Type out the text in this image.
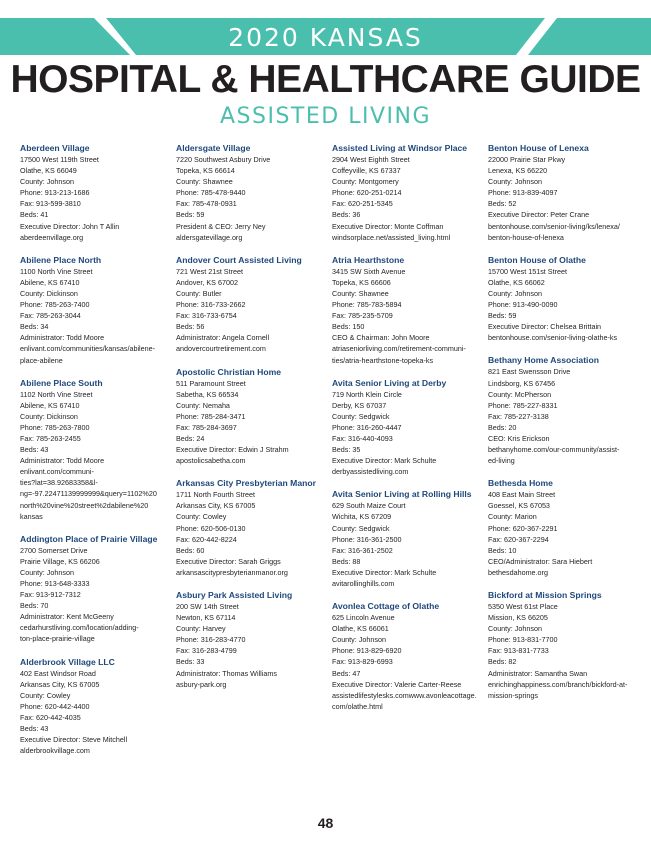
2020 KANSAS
HOSPITAL & HEALTHCARE GUIDE
ASSISTED LIVING
Aberdeen Village
17500 West 119th Street
Olathe, KS 66049
County: Johnson
Phone: 913-213-1686
Fax: 913-599-3810
Beds: 41
Executive Director: John T Allin
aberdeenvillage.org
Abilene Place North
1100 North Vine Street
Abilene, KS 67410
County: Dickinson
Phone: 785-263-7400
Fax: 785-263-3044
Beds: 34
Administrator: Todd Moore
enlivant.com/communities/kansas/abilene-
place-abilene
Abilene Place South
1102 North Vine Street
Abilene, KS 67410
County: Dickinson
Phone: 785-263-7800
Fax: 785-263-2455
Beds: 43
Administrator: Todd Moore
enlivant.com/communi-
ties?lat=38.92683358&l-
ng=-97.22471139999999&query=1102%20
north%20vine%20street%2dabilene%20
kansas
Addington Place of Prairie Village
2700 Somerset Drive
Prairie Village, KS 66206
County: Johnson
Phone: 913-648-3333
Fax: 913-912-7312
Beds: 70
Administrator: Kent McGeeny
cedarhurstliving.com/location/adding-
ton-place-prairie-village
Alderbrook Village LLC
402 East Windsor Road
Arkansas City, KS 67005
County: Cowley
Phone: 620-442-4400
Fax: 620-442-4035
Beds: 43
Executive Director: Steve Mitchell
alderbrookvillage.com
Aldersgate Village
7220 Southwest Asbury Drive
Topeka, KS 66614
County: Shawnee
Phone: 785-478-9440
Fax: 785-478-0931
Beds: 59
President & CEO: Jerry Ney
aldersgatevillage.org
Andover Court Assisted Living
721 West 21st Street
Andover, KS 67002
County: Butler
Phone: 316-733-2662
Fax: 316-733-6754
Beds: 56
Administrator: Angela Cornell
andovercourtretirement.com
Apostolic Christian Home
511 Paramount Street
Sabetha, KS 66534
County: Nemaha
Phone: 785-284-3471
Fax: 785-284-3697
Beds: 24
Executive Director: Edwin J Strahm
apostolicsabetha.com
Arkansas City Presbyterian Manor
1711 North Fourth Street
Arkansas City, KS 67005
County: Cowley
Phone: 620-506-0130
Fax: 620-442-8224
Beds: 60
Executive Director: Sarah Griggs
arkansascitypresbyterianmanor.org
Asbury Park Assisted Living
200 SW 14th Street
Newton, KS 67114
County: Harvey
Phone: 316-283-4770
Fax: 316-283-4799
Beds: 33
Administrator: Thomas Williams
asbury-park.org
Assisted Living at Windsor Place
2904 West Eighth Street
Coffeyville, KS 67337
County: Montgomery
Phone: 620-251-0214
Fax: 620-251-5345
Beds: 36
Executive Director: Monte Coffman
windsorplace.net/assisted_living.html
Atria Hearthstone
3415 SW Sixth Avenue
Topeka, KS 66606
County: Shawnee
Phone: 785-783-5894
Fax: 785-235-5709
Beds: 150
CEO & Chairman: John Moore
atriaseniorliving.com/retirement-communi-
ties/atria-hearthstone-topeka-ks
Avita Senior Living at Derby
719 North Klein Circle
Derby, KS 67037
County: Sedgwick
Phone: 316-260-4447
Fax: 316-440-4093
Beds: 35
Executive Director: Mark Schulte
derbyassistedliving.com
Avita Senior Living at Rolling Hills
629 South Maize Court
Wichita, KS 67209
County: Sedgwick
Phone: 316-361-2500
Fax: 316-361-2502
Beds: 88
Executive Director: Mark Schulte
avitarollinghills.com
Avonlea Cottage of Olathe
625 Lincoln Avenue
Olathe, KS 66061
County: Johnson
Phone: 913-829-6920
Fax: 913-829-6993
Beds: 47
Executive Director: Valerie Carter-Reese
assistedlifestylesks.comwww.avonleacottage.
com/olathe.html
Benton House of Lenexa
22000 Prairie Star Pkwy
Lenexa, KS 66220
County: Johnson
Phone: 913-839-4097
Beds: 52
Executive Director: Peter Crane
bentonhouse.com/senior-living/ks/lenexa/
benton-house-of-lenexa
Benton House of Olathe
15700 West 151st Street
Olathe, KS 66062
County: Johnson
Phone: 913-490-0090
Beds: 59
Executive Director: Chelsea Brittain
bentonhouse.com/senior-living-olathe-ks
Bethany Home Association
821 East Swensson Drive
Lindsborg, KS 67456
County: McPherson
Phone: 785-227-8331
Fax: 785-227-3138
Beds: 20
CEO: Kris Erickson
bethanyhome.com/our-community/assist-
ed-living
Bethesda Home
408 East Main Street
Goessel, KS 67053
County: Marion
Phone: 620-367-2291
Fax: 620-367-2294
Beds: 10
CEO/Administrator: Sara Hiebert
bethesdahome.org
Bickford at Mission Springs
5350 West 61st Place
Mission, KS 66205
County: Johnson
Phone: 913-831-7700
Fax: 913-831-7733
Beds: 82
Administrator: Samantha Swan
enrichinghappiness.com/branch/bickford-at-
mission-springs
48
